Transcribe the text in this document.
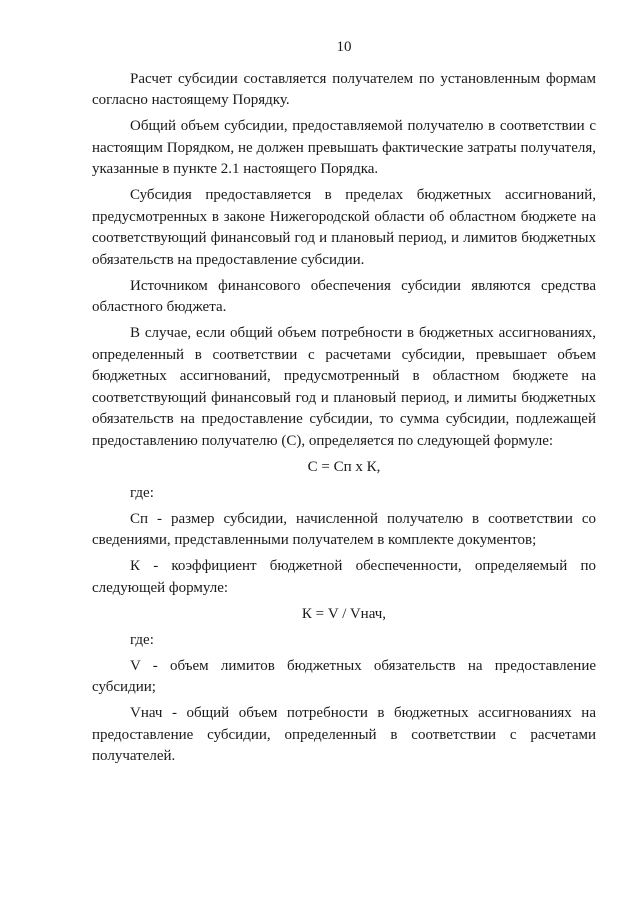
10

Расчет субсидии составляется получателем по установленным формам согласно настоящему Порядку.

Общий объем субсидии, предоставляемой получателю в соответствии с настоящим Порядком, не должен превышать фактические затраты получателя, указанные в пункте 2.1 настоящего Порядка.

Субсидия предоставляется в пределах бюджетных ассигнований, предусмотренных в законе Нижегородской области об областном бюджете на соответствующий финансовый год и плановый период, и лимитов бюджетных обязательств на предоставление субсидии.

Источником финансового обеспечения субсидии являются средства областного бюджета.

В случае, если общий объем потребности в бюджетных ассигнованиях, определенный в соответствии с расчетами субсидии, превышает объем бюджетных ассигнований, предусмотренный в областном бюджете на соответствующий финансовый год и плановый период, и лимиты бюджетных обязательств на предоставление субсидии, то сумма субсидии, подлежащей предоставлению получателю (С), определяется по следующей формуле:

С = Сп х К,
где:

Сп - размер субсидии, начисленной получателю в соответствии со сведениями, представленными получателем в комплекте документов;

К - коэффициент бюджетной обеспеченности, определяемый по следующей формуле:

К = V / Vнач,
где:

V - объем лимитов бюджетных обязательств на предоставление субсидии;

Vнач - общий объем потребности в бюджетных ассигнованиях на предоставление субсидии, определенный в соответствии с расчетами получателей.
